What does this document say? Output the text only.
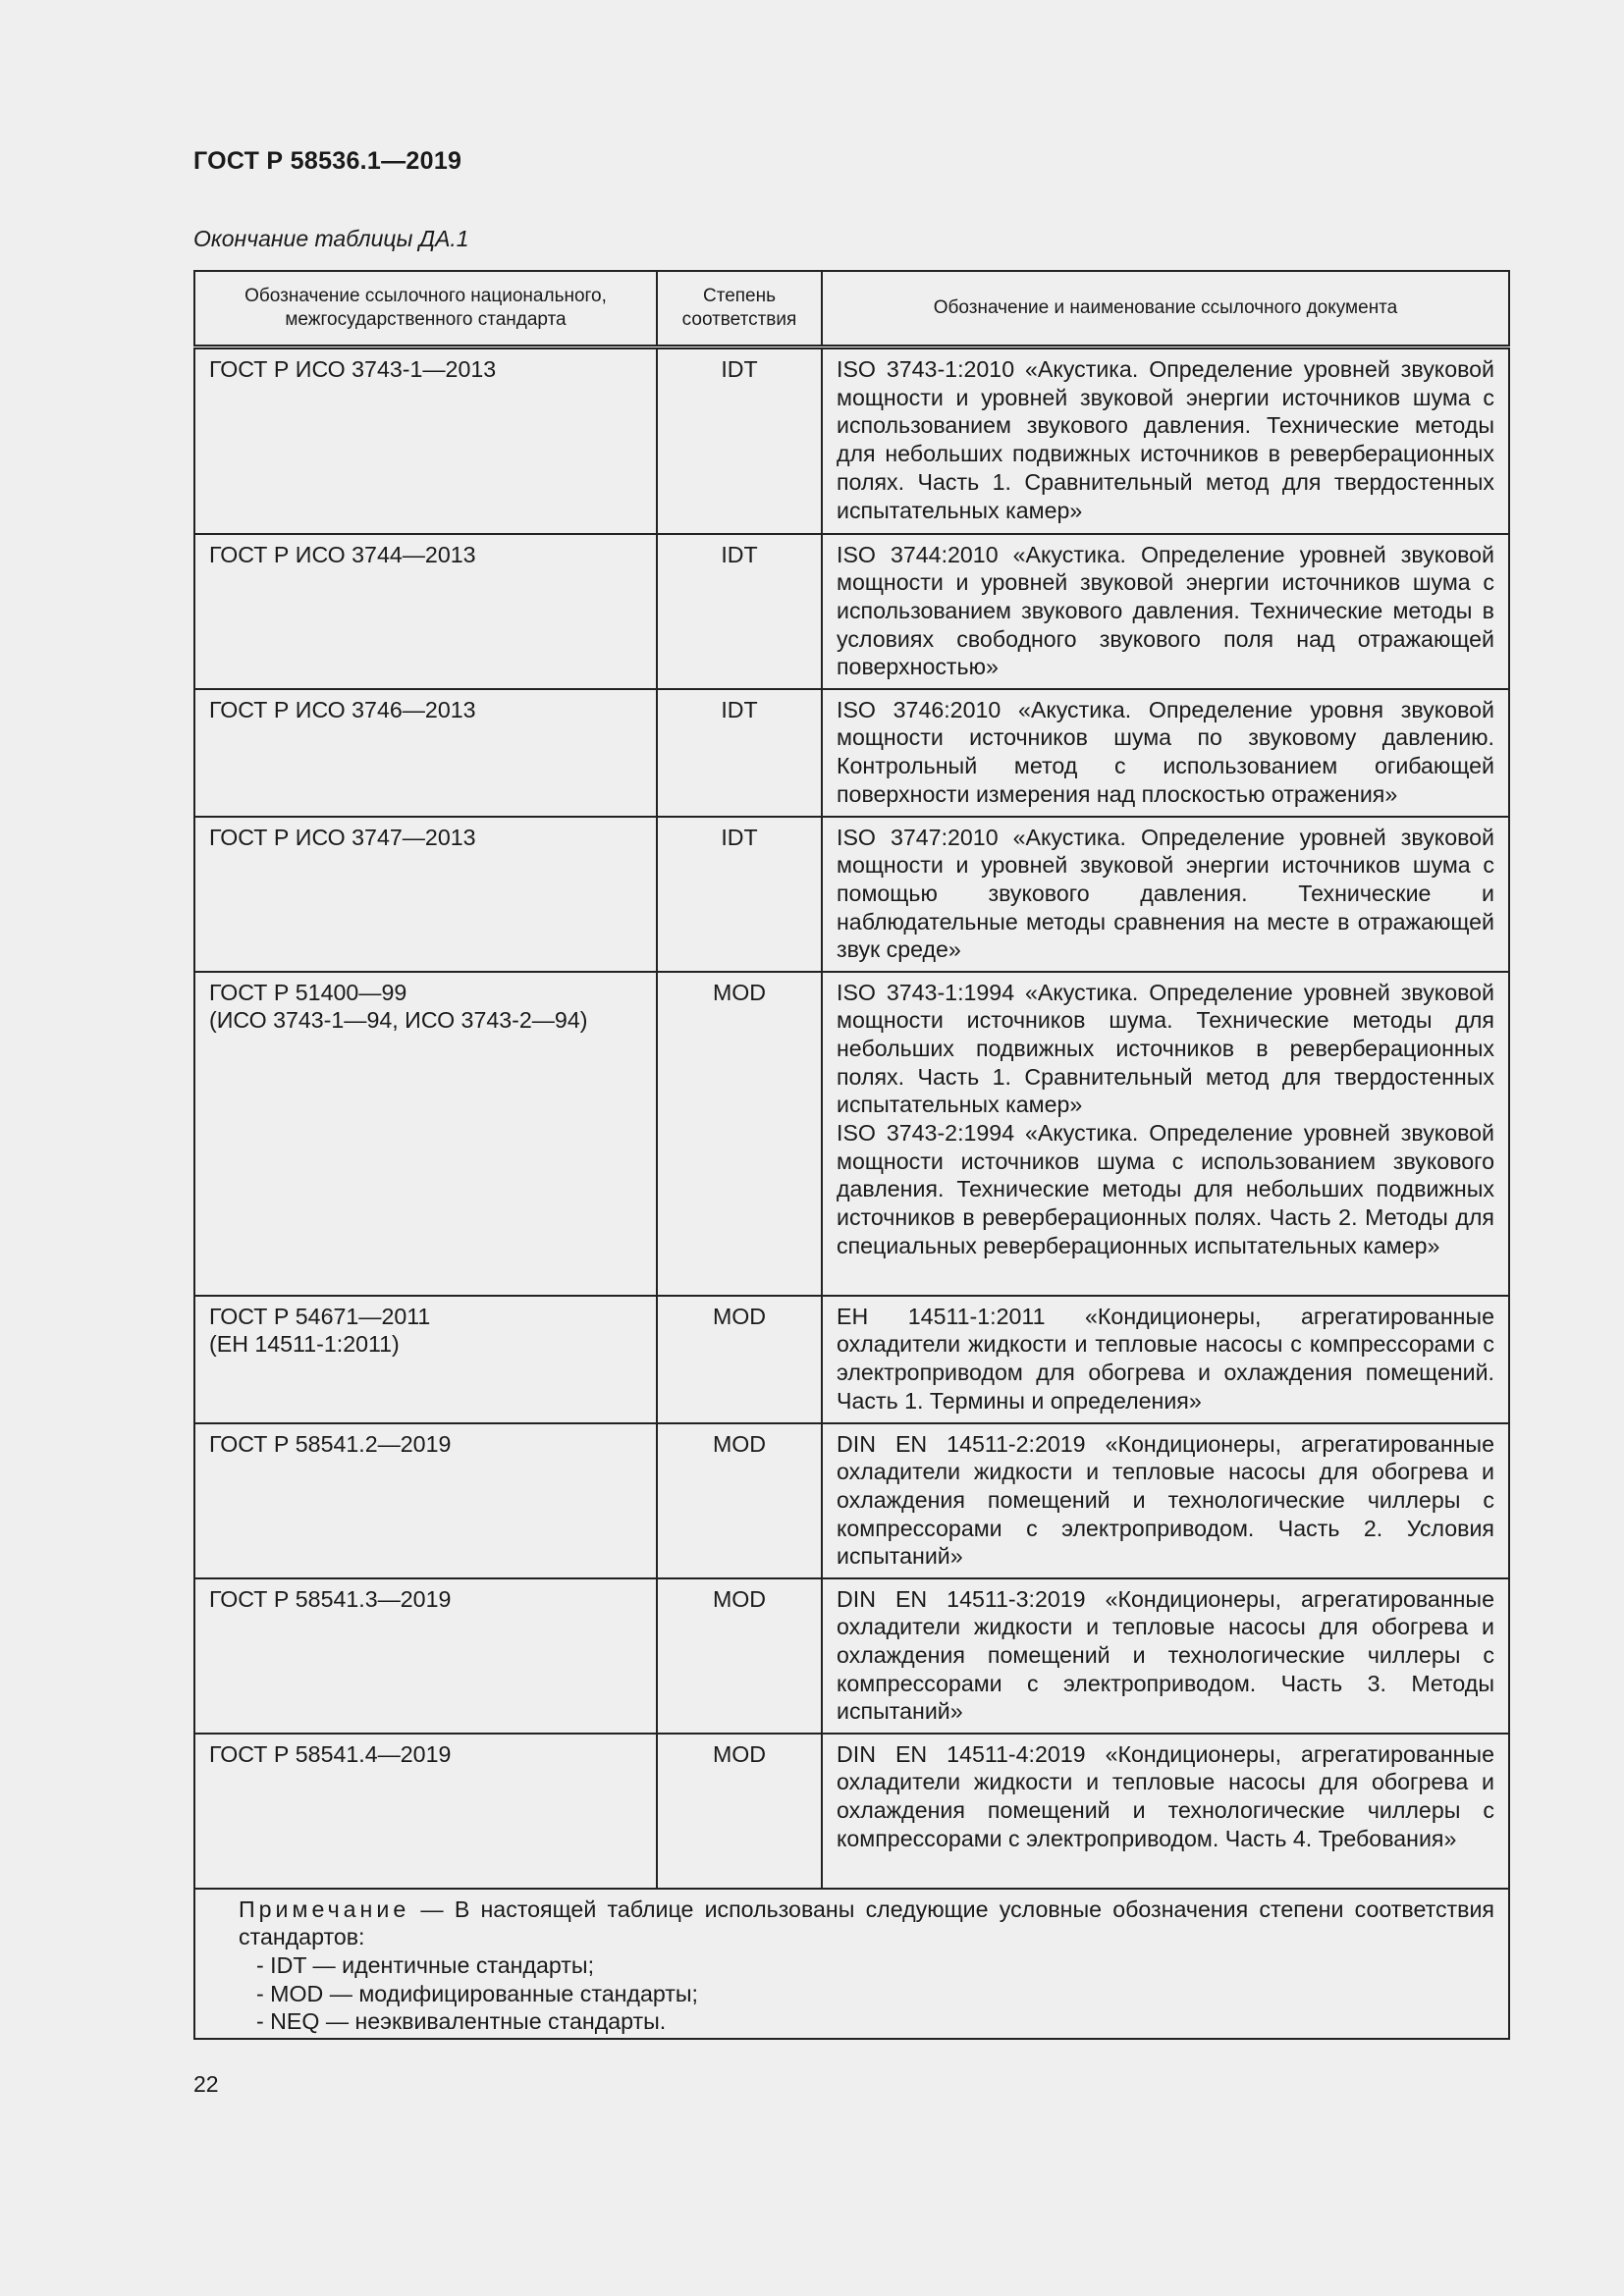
ГОСТ Р 58536.1—2019
Окончание таблицы ДА.1
Обозначение ссылочного национального, межгосударственного стандарта	Степень соответствия	Обозначение и наименование ссылочного документа
ГОСТ Р ИСО 3743-1—2013	IDT	ISO 3743-1:2010 «Акустика. Определение уровней звуковой мощности и уровней звуковой энергии источников шума с использованием звукового давления. Технические методы для небольших подвижных источников в реверберационных полях. Часть 1. Сравнительный метод для твердостенных испытательных камер»

ГОСТ Р ИСО 3744—2013	IDT	ISO 3744:2010 «Акустика. Определение уровней звуковой мощности и уровней звуковой энергии источников шума с использованием звукового давления. Технические методы в условиях свободного звукового поля над отражающей поверхностью»

ГОСТ Р ИСО 3746—2013	IDT	ISO 3746:2010 «Акустика. Определение уровня звуковой мощности источников шума по звуковому давлению. Контрольный метод с использованием огибающей поверхности измерения над плоскостью отражения»

ГОСТ Р ИСО 3747—2013	IDT	ISO 3747:2010 «Акустика. Определение уровней звуковой мощности и уровней звуковой энергии источников шума с помощью звукового давления. Технические и наблюдательные методы сравнения на месте в отражающей звук среде»

ГОСТ Р 51400—99
(ИСО 3743-1—94, ИСО 3743-2—94)	MOD	ISO 3743-1:1994 «Акустика. Определение уровней звуковой мощности источников шума. Технические методы для небольших подвижных источников в реверберационных полях. Часть 1. Сравнительный метод для твердостенных испытательных камер»
ISO 3743-2:1994 «Акустика. Определение уровней звуковой мощности источников шума с использованием звукового давления. Технические методы для небольших подвижных источников в реверберационных полях. Часть 2. Методы для специальных реверберационных испытательных камер»

ГОСТ Р 54671—2011
(ЕН 14511-1:2011)	MOD	ЕН 14511-1:2011 «Кондиционеры, агрегатированные охладители жидкости и тепловые насосы с компрессорами с электроприводом для обогрева и охлаждения помещений. Часть 1. Термины и определения»

ГОСТ Р 58541.2—2019	MOD	DIN EN 14511-2:2019 «Кондиционеры, агрегатированные охладители жидкости и тепловые насосы для обогрева и охлаждения помещений и технологические чиллеры с компрессорами с электроприводом. Часть 2. Условия испытаний»

ГОСТ Р 58541.3—2019	MOD	DIN EN 14511-3:2019 «Кондиционеры, агрегатированные охладители жидкости и тепловые насосы для обогрева и охлаждения помещений и технологические чиллеры с компрессорами с электроприводом. Часть 3. Методы испытаний»

ГОСТ Р 58541.4—2019	MOD	DIN EN 14511-4:2019 «Кондиционеры, агрегатированные охладители жидкости и тепловые насосы для обогрева и охлаждения помещений и технологические чиллеры с компрессорами с электроприводом. Часть 4. Требования»

Примечание — В настоящей таблице использованы следующие условные обозначения степени соответствия стандартов:
- IDT — идентичные стандарты;
- MOD — модифицированные стандарты;
- NEQ — неэквивалентные стандарты.		
22
